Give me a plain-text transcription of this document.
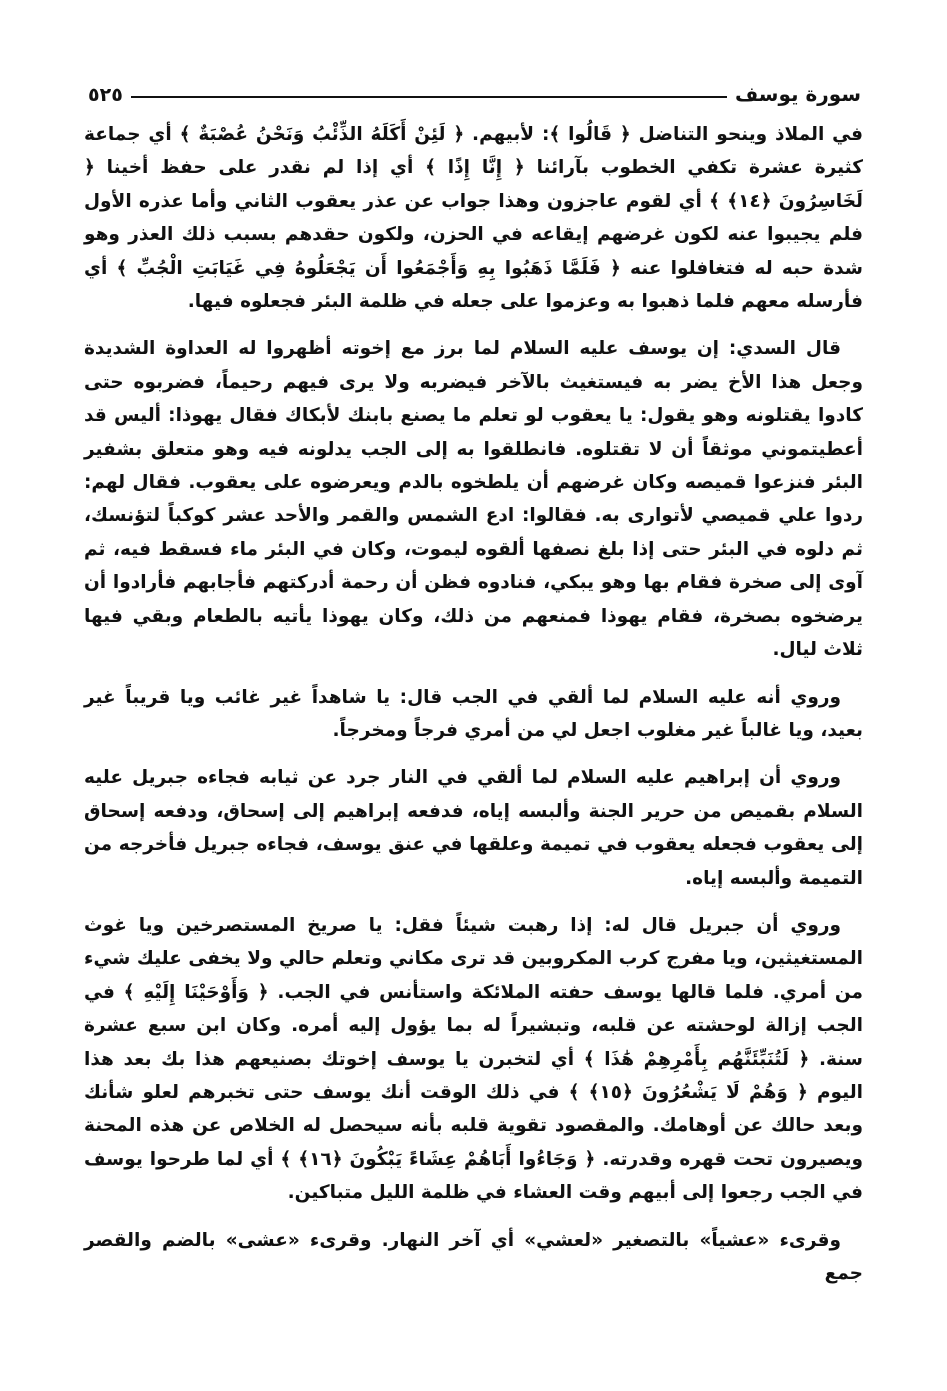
سورة يوسف
٥٢٥

في الملاذ وينحو التناضل ﴿ قَالُوا ﴾: لأبيهم. ﴿ لَئِنْ أَكَلَهُ الذِّئْبُ وَنَحْنُ عُصْبَةٌ ﴾ أي جماعة كثيرة عشرة تكفي الخطوب بآرائنا ﴿ إِنَّا إِذًا ﴾ أي إذا لم نقدر على حفظ أخينا ﴿ لَخَاسِرُونَ ﴿١٤﴾ ﴾ أي لقوم عاجزون وهذا جواب عن عذر يعقوب الثاني وأما عذره الأول فلم يجيبوا عنه لكون غرضهم إيقاعه في الحزن، ولكون حقدهم بسبب ذلك العذر وهو شدة حبه له فتغافلوا عنه ﴿ فَلَمَّا ذَهَبُوا بِهِ وَأَجْمَعُوا أَن يَجْعَلُوهُ فِي غَيَابَتِ الْجُبِّ ﴾ أي فأرسله معهم فلما ذهبوا به وعزموا على جعله في ظلمة البئر فجعلوه فيها.

قال السدي: إن يوسف عليه السلام لما برز مع إخوته أظهروا له العداوة الشديدة وجعل هذا الأخ يضر به فيستغيث بالآخر فيضربه ولا يرى فيهم رحيماً، فضربوه حتى كادوا يقتلونه وهو يقول: يا يعقوب لو تعلم ما يصنع بابنك لأبكاك فقال يهوذا: أليس قد أعطيتموني موثقاً أن لا تقتلوه. فانطلقوا به إلى الجب يدلونه فيه وهو متعلق بشفير البئر فنزعوا قميصه وكان غرضهم أن يلطخوه بالدم ويعرضوه على يعقوب. فقال لهم: ردوا علي قميصي لأتوارى به. فقالوا: ادع الشمس والقمر والأحد عشر كوكباً لتؤنسك، ثم دلوه في البئر حتى إذا بلغ نصفها ألقوه ليموت، وكان في البئر ماء فسقط فيه، ثم آوى إلى صخرة فقام بها وهو يبكي، فنادوه فظن أن رحمة أدركتهم فأجابهم فأرادوا أن يرضخوه بصخرة، فقام يهوذا فمنعهم من ذلك، وكان يهوذا يأتيه بالطعام وبقي فيها ثلاث ليال.

وروي أنه عليه السلام لما ألقي في الجب قال: يا شاهداً غير غائب ويا قريباً غير بعيد، ويا غالباً غير مغلوب اجعل لي من أمري فرجاً ومخرجاً.

وروي أن إبراهيم عليه السلام لما ألقي في النار جرد عن ثيابه فجاءه جبريل عليه السلام بقميص من حرير الجنة وألبسه إياه، فدفعه إبراهيم إلى إسحاق، ودفعه إسحاق إلى يعقوب فجعله يعقوب في تميمة وعلقها في عنق يوسف، فجاءه جبريل فأخرجه من التميمة وألبسه إياه.

وروي أن جبريل قال له: إذا رهبت شيئاً فقل: يا صريخ المستصرخين ويا غوث المستغيثين، ويا مفرج كرب المكروبين قد ترى مكاني وتعلم حالي ولا يخفى عليك شيء من أمري. فلما قالها يوسف حفته الملائكة واستأنس في الجب. ﴿ وَأَوْحَيْنَا إِلَيْهِ ﴾ في الجب إزالة لوحشته عن قلبه، وتبشيراً له بما يؤول إليه أمره. وكان ابن سبع عشرة سنة. ﴿ لَتُنَبِّئَنَّهُم بِأَمْرِهِمْ هَٰذَا ﴾ أي لتخبرن يا يوسف إخوتك بصنيعهم هذا بك بعد هذا اليوم ﴿ وَهُمْ لَا يَشْعُرُونَ ﴿١٥﴾ ﴾ في ذلك الوقت أنك يوسف حتى تخبرهم لعلو شأنك وبعد حالك عن أوهامك. والمقصود تقوية قلبه بأنه سيحصل له الخلاص عن هذه المحنة ويصيرون تحت قهره وقدرته. ﴿ وَجَاءُوا أَبَاهُمْ عِشَاءً يَبْكُونَ ﴿١٦﴾ ﴾ أي لما طرحوا يوسف في الجب رجعوا إلى أبيهم وقت العشاء في ظلمة الليل متباكين.

وقرىء «عشياً» بالتصغير «لعشي» أي آخر النهار. وقرىء «عشى» بالضم والقصر جمع
